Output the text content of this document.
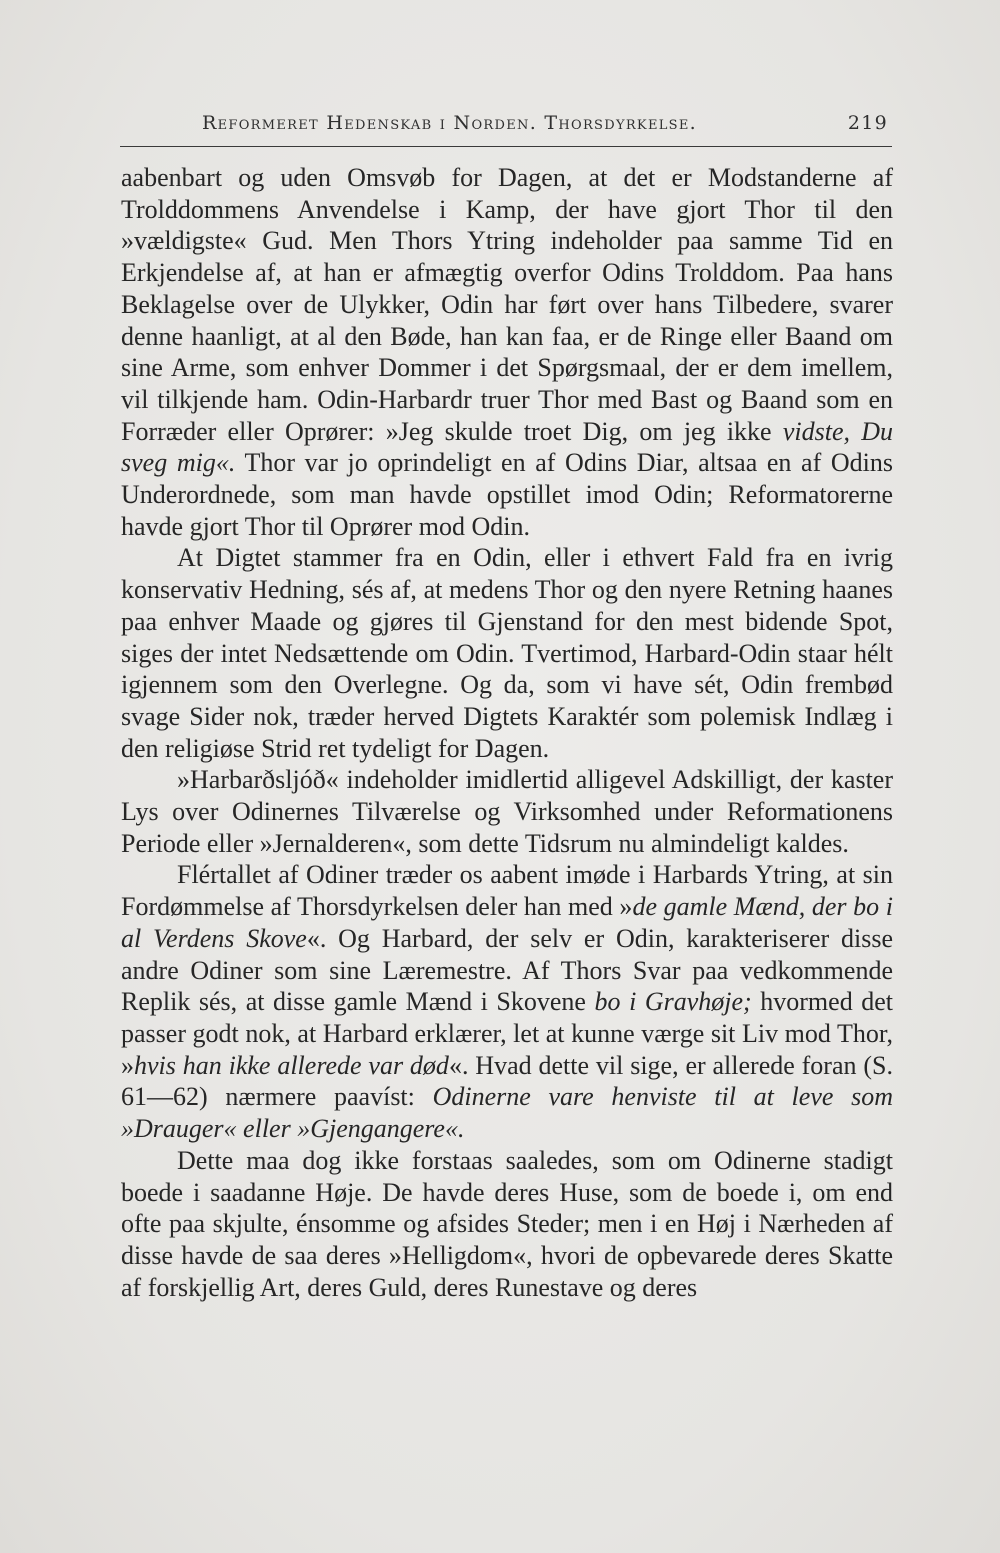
Reformeret Hedenskab i Norden. Thorsdyrkelse.	219

aabenbart og uden Omsvøb for Dagen, at det er Modstanderne af Trolddommens Anvendelse i Kamp, der have gjort Thor til den »vældigste« Gud. Men Thors Ytring indeholder paa samme Tid en Erkjendelse af, at han er afmægtig overfor Odins Trolddom. Paa hans Beklagelse over de Ulykker, Odin har ført over hans Tilbedere, svarer denne haanligt, at al den Bøde, han kan faa, er de Ringe eller Baand om sine Arme, som enhver Dommer i det Spørgsmaal, der er dem imellem, vil tilkjende ham. Odin-Harbardr truer Thor med Bast og Baand som en Forræder eller Oprører: »Jeg skulde troet Dig, om jeg ikke vidste, Du sveg mig«. Thor var jo oprindeligt en af Odins Diar, altsaa en af Odins Underordnede, som man havde opstillet imod Odin; Reformatorerne havde gjort Thor til Oprører mod Odin.

At Digtet stammer fra en Odin, eller i ethvert Fald fra en ivrig konservativ Hedning, sés af, at medens Thor og den nyere Retning haanes paa enhver Maade og gjøres til Gjenstand for den mest bidende Spot, siges der intet Nedsættende om Odin. Tvertimod, Harbard-Odin staar hélt igjennem som den Overlegne. Og da, som vi have sét, Odin frembød svage Sider nok, træder herved Digtets Karaktér som polemisk Indlæg i den religiøse Strid ret tydeligt for Dagen.

»Harbarðsljóð« indeholder imidlertid alligevel Adskilligt, der kaster Lys over Odinernes Tilværelse og Virksomhed under Reformationens Periode eller »Jernalderen«, som dette Tidsrum nu almindeligt kaldes.

Flértallet af Odiner træder os aabent imøde i Harbards Ytring, at sin Fordømmelse af Thorsdyrkelsen deler han med »de gamle Mænd, der bo i al Verdens Skove«. Og Harbard, der selv er Odin, karakteriserer disse andre Odiner som sine Læremestre. Af Thors Svar paa vedkommende Replik sés, at disse gamle Mænd i Skovene bo i Gravhøje; hvormed det passer godt nok, at Harbard erklærer, let at kunne værge sit Liv mod Thor, »hvis han ikke allerede var død«. Hvad dette vil sige, er allerede foran (S. 61—62) nærmere paavíst: Odinerne vare henviste til at leve som »Drauger« eller »Gjengangere«.

Dette maa dog ikke forstaas saaledes, som om Odinerne stadigt boede i saadanne Høje. De havde deres Huse, som de boede i, om end ofte paa skjulte, énsomme og afsides Steder; men i en Høj i Nærheden af disse havde de saa deres »Helligdom«, hvori de opbevarede deres Skatte af forskjellig Art, deres Guld, deres Runestave og deres
